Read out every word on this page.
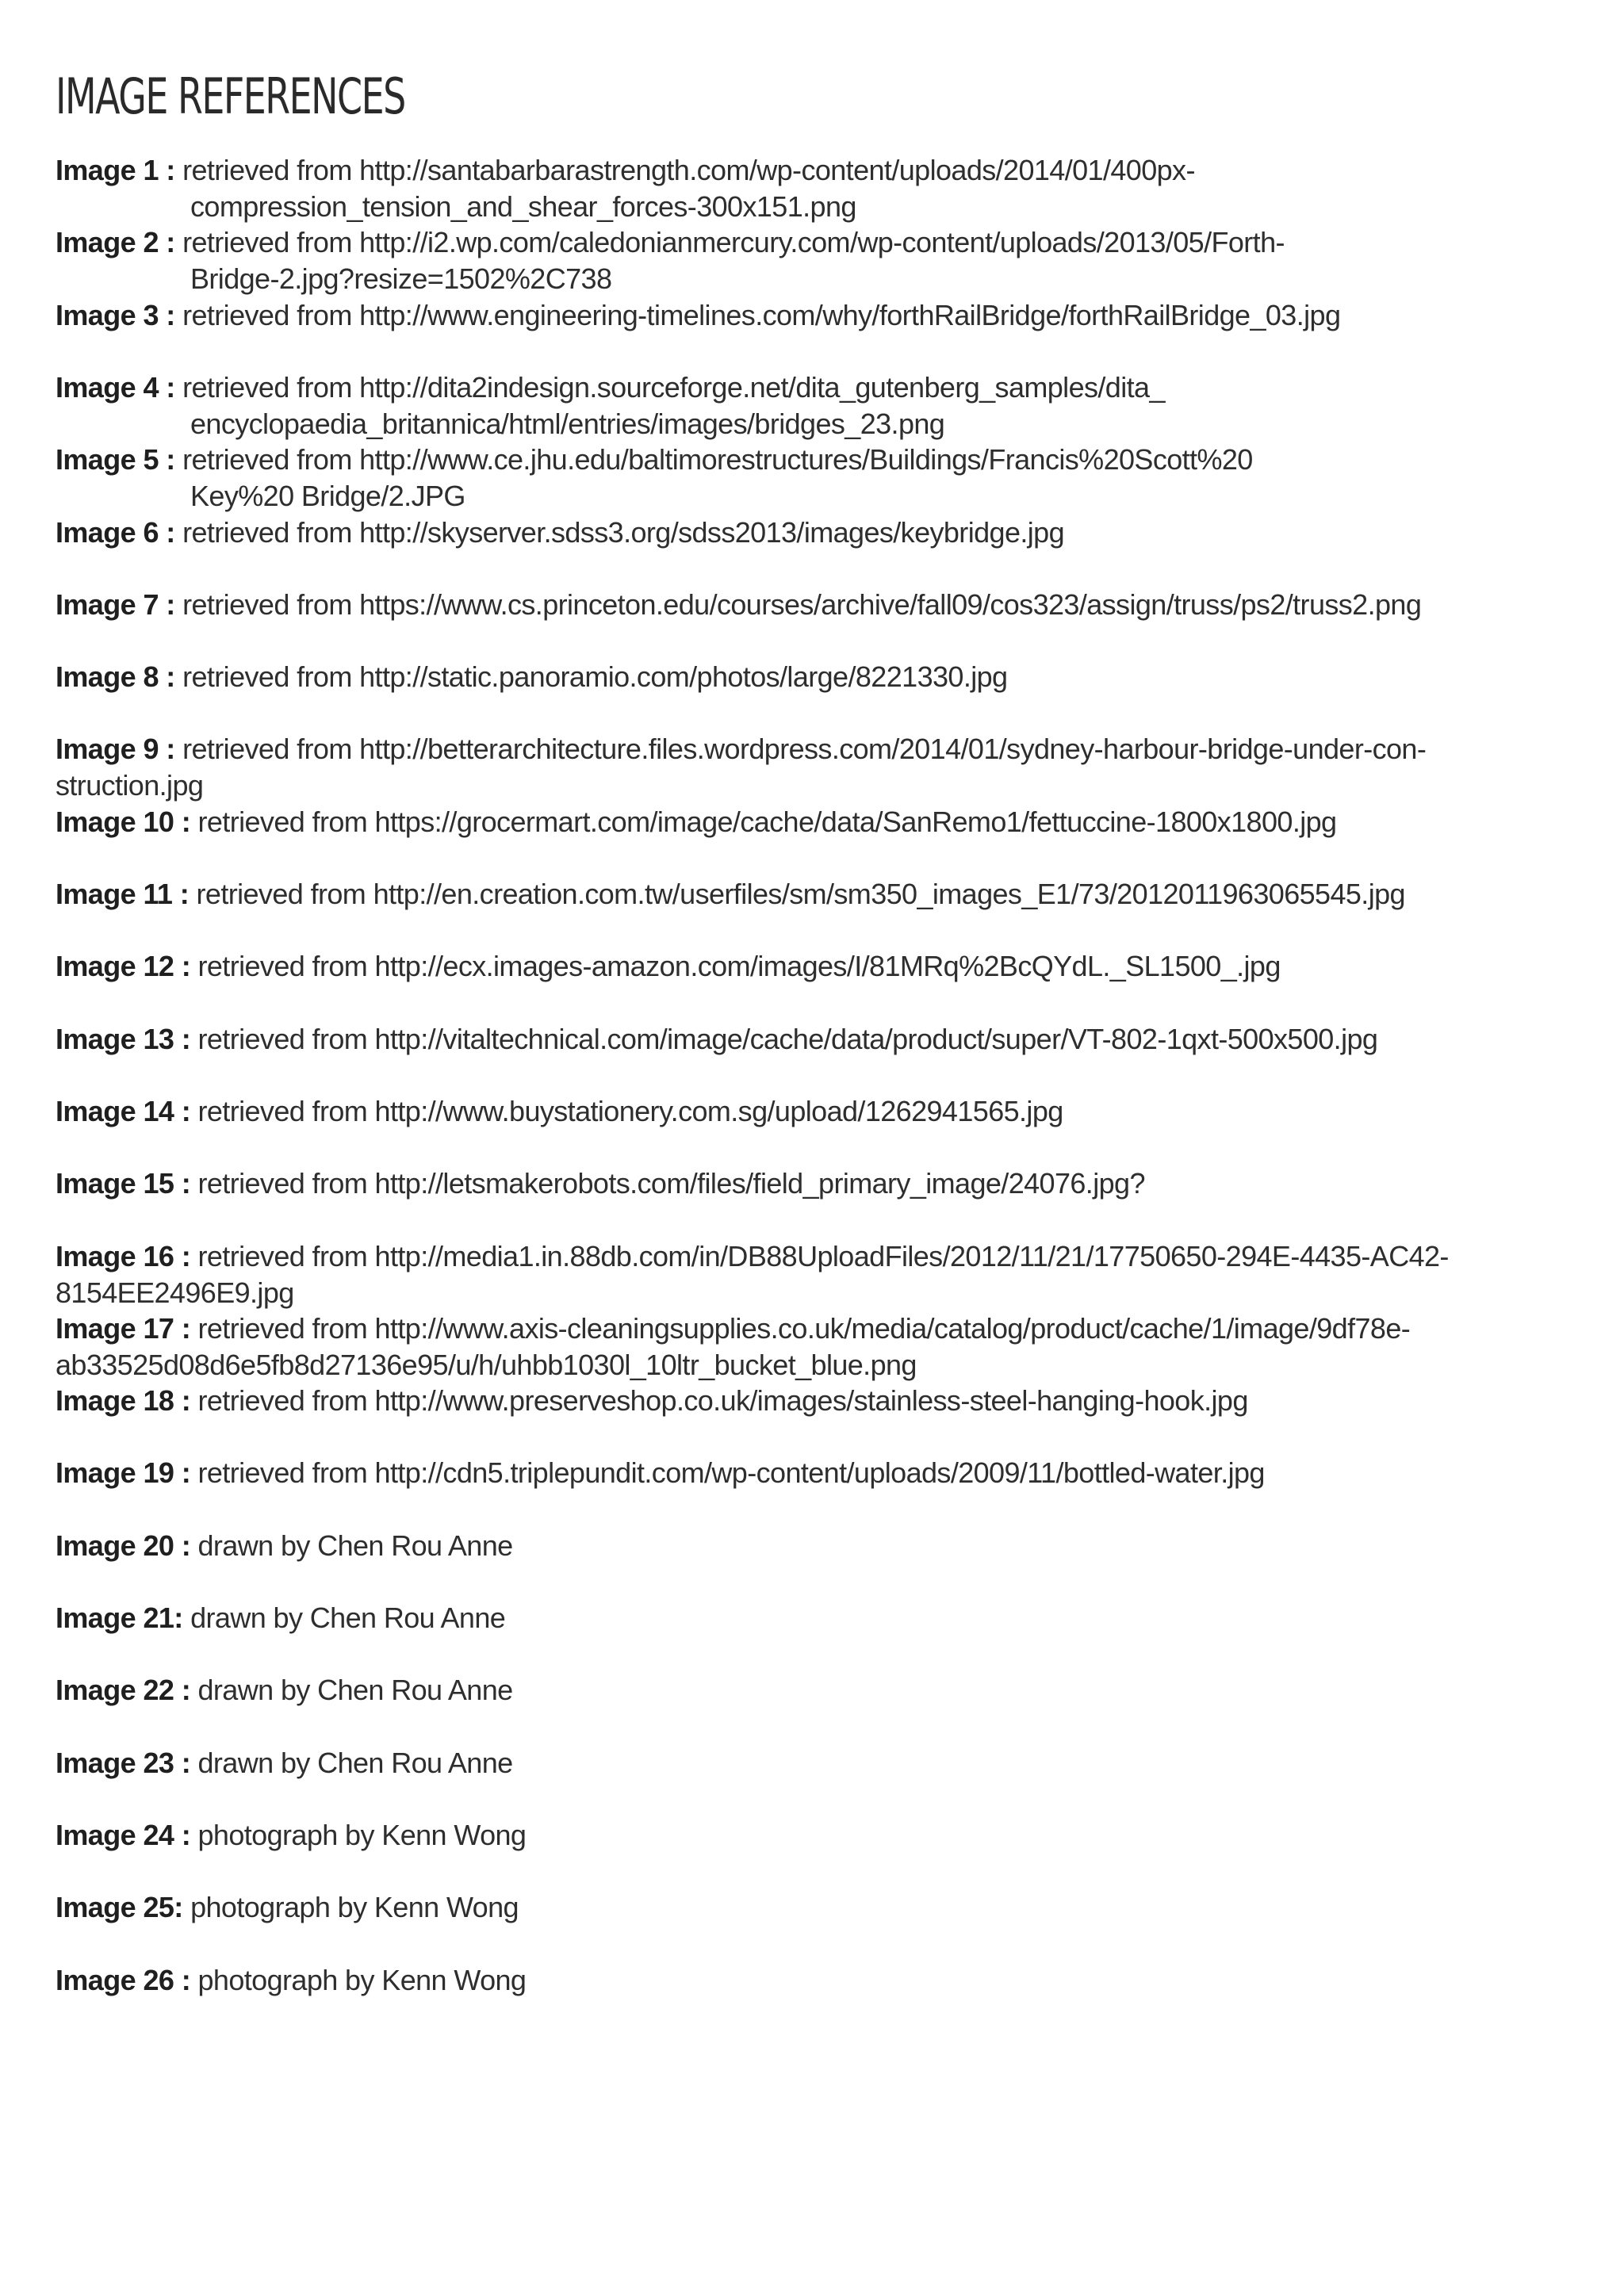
IMAGE REFERENCES
Image 1 : retrieved from http://santabarbarastrength.com/wp-content/uploads/2014/01/400px-
compression_tension_and_shear_forces-300x151.png
Image 2 : retrieved from http://i2.wp.com/caledonianmercury.com/wp-content/uploads/2013/05/Forth-
Bridge-2.jpg?resize=1502%2C738
Image 3 : retrieved from http://www.engineering-timelines.com/why/forthRailBridge/forthRailBridge_03.jpg
Image 4 : retrieved from http://dita2indesign.sourceforge.net/dita_gutenberg_samples/dita_
encyclopaedia_britannica/html/entries/images/bridges_23.png
Image 5 : retrieved from http://www.ce.jhu.edu/baltimorestructures/Buildings/Francis%20Scott%20
Key%20 Bridge/2.JPG
Image 6 : retrieved from http://skyserver.sdss3.org/sdss2013/images/keybridge.jpg
Image 7 : retrieved from https://www.cs.princeton.edu/courses/archive/fall09/cos323/assign/truss/ps2/truss2.png
Image 8 : retrieved from http://static.panoramio.com/photos/large/8221330.jpg
Image 9 : retrieved from http://betterarchitecture.files.wordpress.com/2014/01/sydney-harbour-bridge-under-con-
struction.jpg
Image 10 : retrieved from https://grocermart.com/image/cache/data/SanRemo1/fettuccine-1800x1800.jpg
Image 11 : retrieved from http://en.creation.com.tw/userfiles/sm/sm350_images_E1/73/2012011963065545.jpg
Image 12 : retrieved from http://ecx.images-amazon.com/images/I/81MRq%2BcQYdL._SL1500_.jpg
Image 13 : retrieved from http://vitaltechnical.com/image/cache/data/product/super/VT-802-1qxt-500x500.jpg
Image 14 : retrieved from http://www.buystationery.com.sg/upload/1262941565.jpg
Image 15 : retrieved from http://letsmakerobots.com/files/field_primary_image/24076.jpg?
Image 16 : retrieved from http://media1.in.88db.com/in/DB88UploadFiles/2012/11/21/17750650-294E-4435-AC42-
8154EE2496E9.jpg
Image 17 : retrieved from http://www.axis-cleaningsupplies.co.uk/media/catalog/product/cache/1/image/9df78e-
ab33525d08d6e5fb8d27136e95/u/h/uhbb1030l_10ltr_bucket_blue.png
Image 18 : retrieved from http://www.preserveshop.co.uk/images/stainless-steel-hanging-hook.jpg
Image 19 : retrieved from http://cdn5.triplepundit.com/wp-content/uploads/2009/11/bottled-water.jpg
Image 20 : drawn by Chen Rou Anne
Image 21: drawn by Chen Rou Anne
Image 22 : drawn by Chen Rou Anne
Image 23 : drawn by Chen Rou Anne
Image 24 : photograph by Kenn Wong
Image 25: photograph by Kenn Wong
Image 26 : photograph by Kenn Wong
